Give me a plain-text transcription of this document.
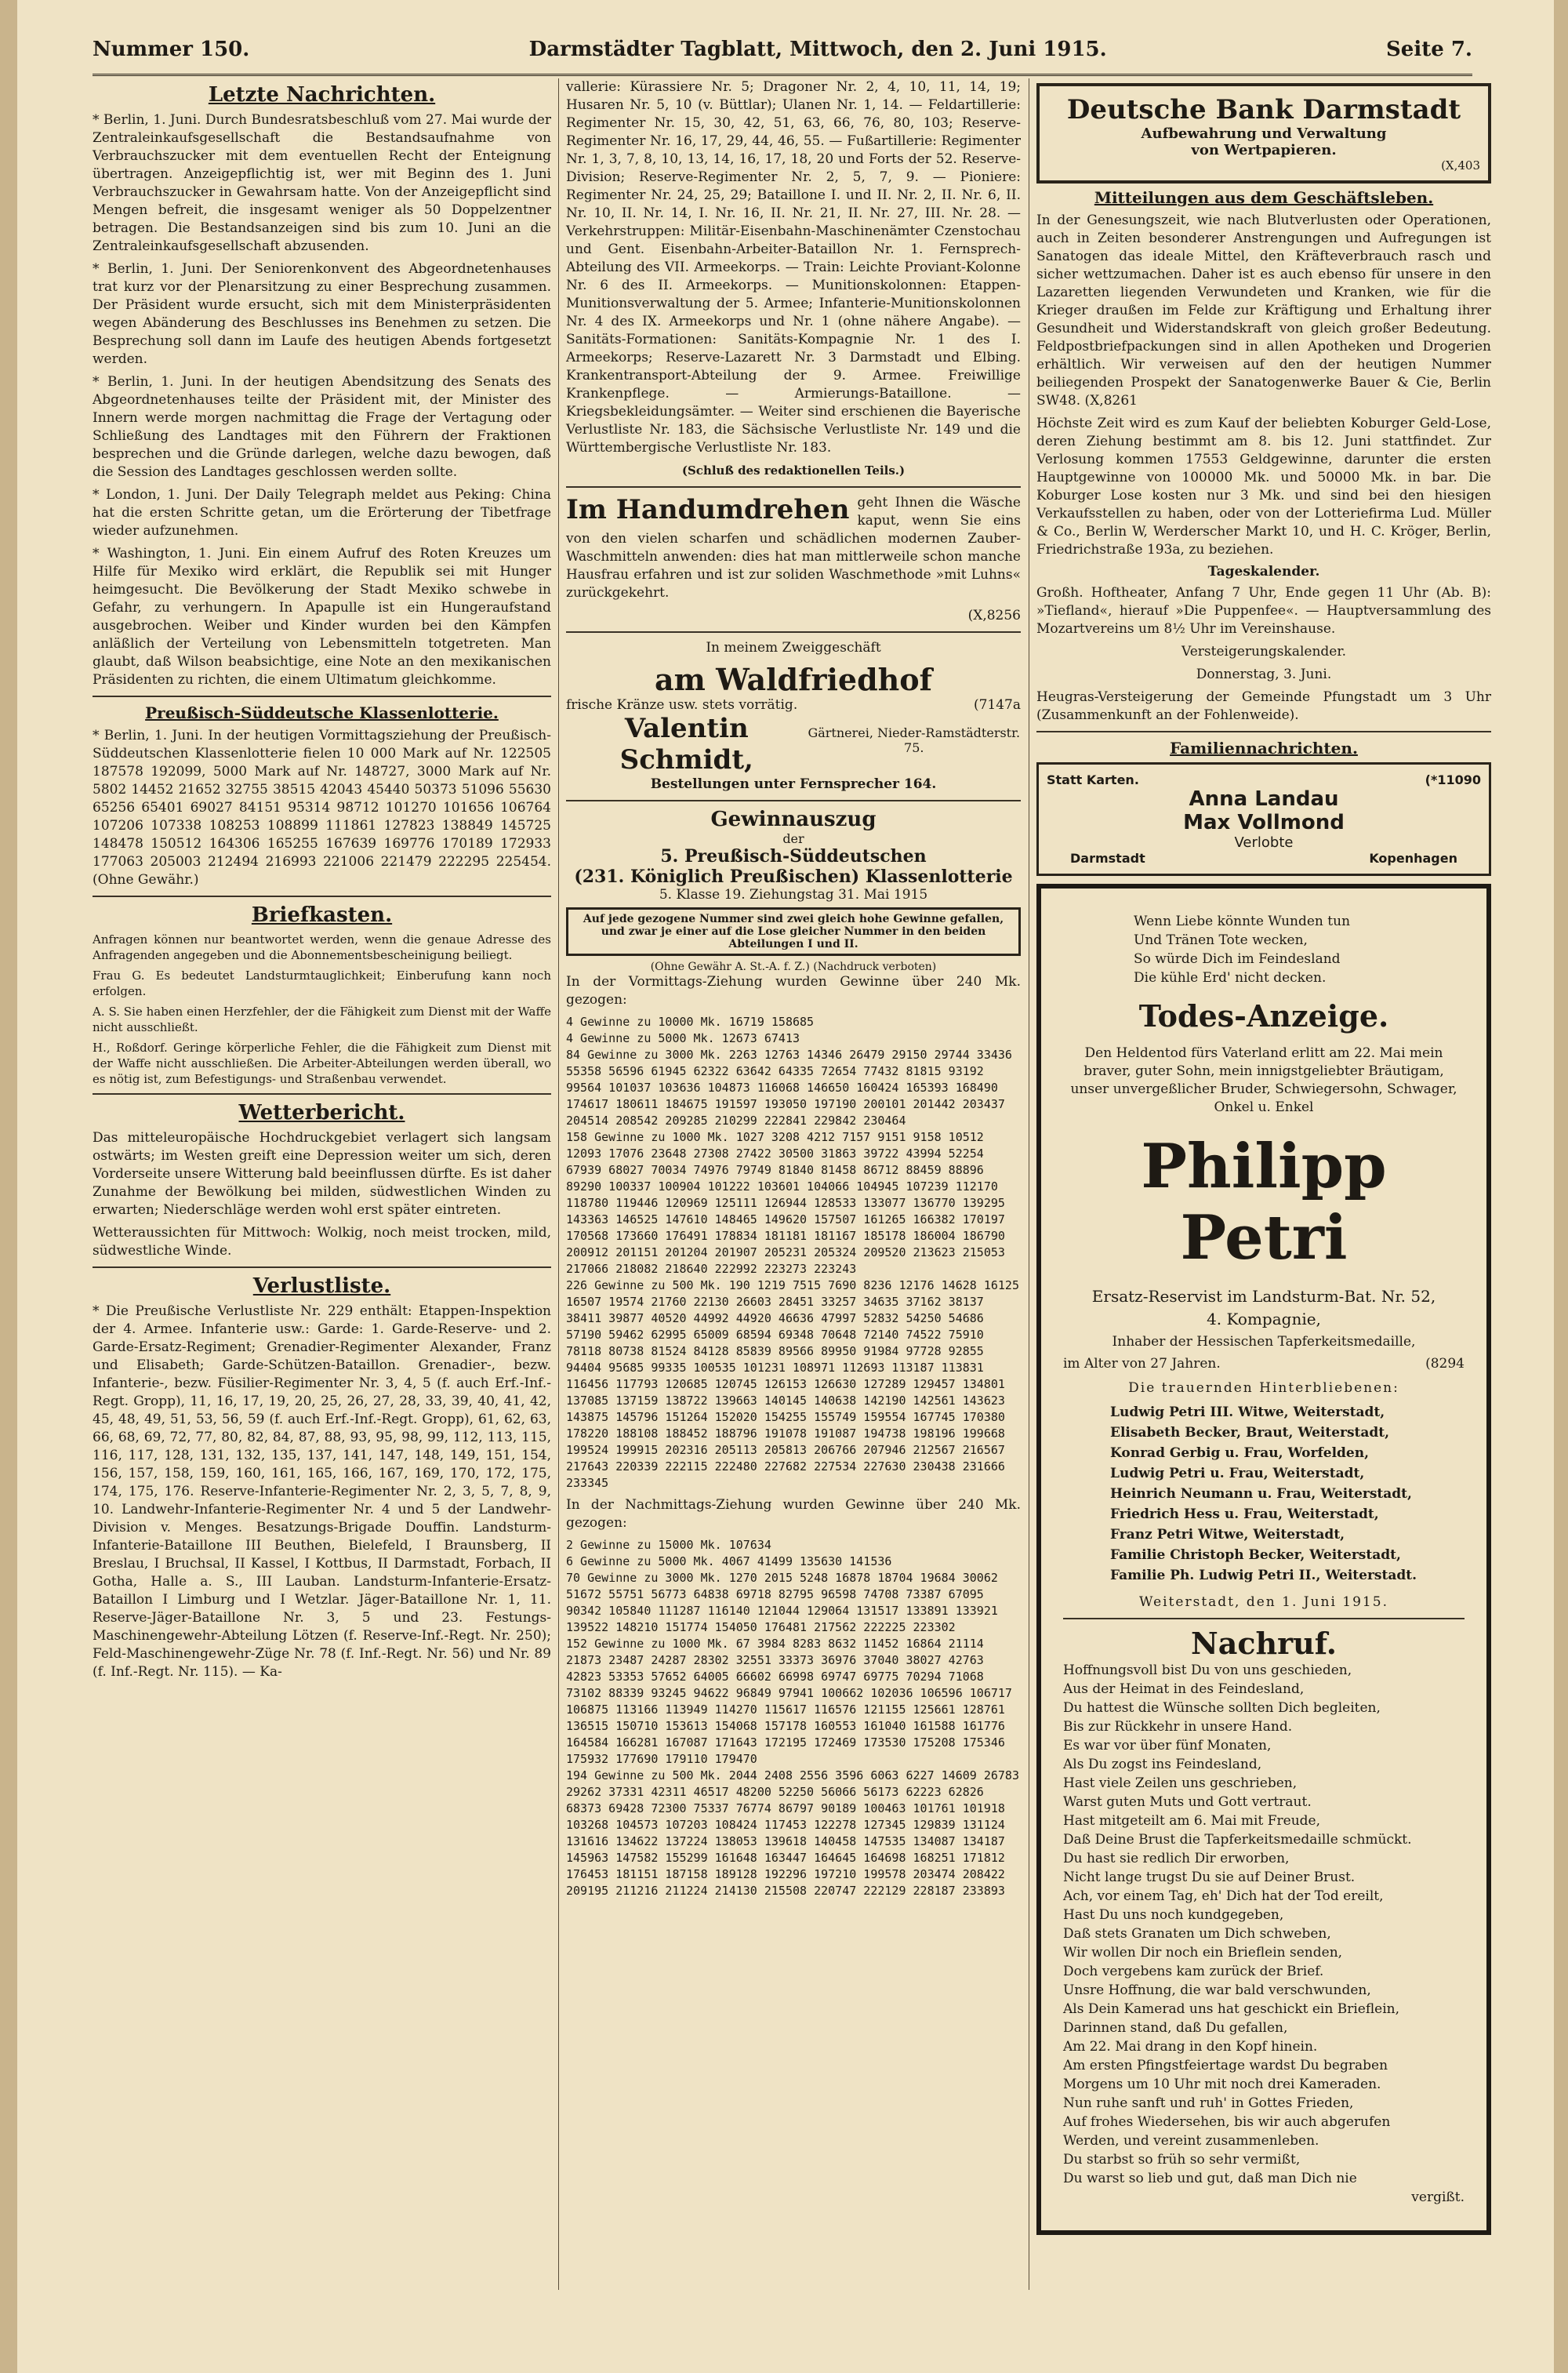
Nummer 150.	Darmstädter Tagblatt, Mittwoch, den 2. Juni 1915.	Seite 7.
Letzte Nachrichten.

* Berlin, 1. Juni. Durch Bundesratsbeschluß vom 27. Mai wurde der Zentraleinkaufsgesellschaft die Bestandsaufnahme von Verbrauchszucker mit dem eventuellen Recht der Enteignung übertragen. Anzeigepflichtig ist, wer mit Beginn des 1. Juni Verbrauchszucker in Gewahrsam hatte. Von der Anzeigepflicht sind Mengen befreit, die insgesamt weniger als 50 Doppelzentner betragen. Die Bestandsanzeigen sind bis zum 10. Juni an die Zentraleinkaufsgesellschaft abzusenden.

* Berlin, 1. Juni. Der Seniorenkonvent des Abgeordnetenhauses trat kurz vor der Plenarsitzung zu einer Besprechung zusammen. Der Präsident wurde ersucht, sich mit dem Ministerpräsidenten wegen Abänderung des Beschlusses ins Benehmen zu setzen. Die Besprechung soll dann im Laufe des heutigen Abends fortgesetzt werden.

* Berlin, 1. Juni. In der heutigen Abendsitzung des Senats des Abgeordnetenhauses teilte der Präsident mit, der Minister des Innern werde morgen nachmittag die Frage der Vertagung oder Schließung des Landtages mit den Führern der Fraktionen besprechen und die Gründe darlegen, welche dazu bewogen, daß die Session des Landtages geschlossen werden sollte.

* London, 1. Juni. Der Daily Telegraph meldet aus Peking: China hat die ersten Schritte getan, um die Erörterung der Tibetfrage wieder aufzunehmen.

* Washington, 1. Juni. Ein einem Aufruf des Roten Kreuzes um Hilfe für Mexiko wird erklärt, die Republik sei mit Hunger heimgesucht. Die Bevölkerung der Stadt Mexiko schwebe in Gefahr, zu verhungern. In Apapulle ist ein Hungeraufstand ausgebrochen. Weiber und Kinder wurden bei den Kämpfen anläßlich der Verteilung von Lebensmitteln totgetreten. Man glaubt, daß Wilson beabsichtige, eine Note an den mexikanischen Präsidenten zu richten, die einem Ultimatum gleichkomme.

Preußisch-Süddeutsche Klassenlotterie.

* Berlin, 1. Juni. In der heutigen Vormittagsziehung der Preußisch-Süddeutschen Klassenlotterie fielen 10 000 Mark auf Nr. 122505 187578 192099, 5000 Mark auf Nr. 148727, 3000 Mark auf Nr. 5802 14452 21652 32755 38515 42043 45440 50373 51096 55630 65256 65401 69027 84151 95314 98712 101270 101656 106764 107206 107338 108253 108899 111861 127823 138849 145725 148478 150512 164306 165255 167639 169776 170189 172933 177063 205003 212494 216993 221006 221479 222295 225454. (Ohne Gewähr.)

Briefkasten.

Anfragen können nur beantwortet werden, wenn die genaue Adresse des Anfragenden angegeben und die Abonnementsbescheinigung beiliegt.

Frau G. Es bedeutet Landsturmtauglichkeit; Einberufung kann noch erfolgen.

A. S. Sie haben einen Herzfehler, der die Fähigkeit zum Dienst mit der Waffe nicht ausschließt.

H., Roßdorf. Geringe körperliche Fehler, die die Fähigkeit zum Dienst mit der Waffe nicht ausschließen. Die Arbeiter-Abteilungen werden überall, wo es nötig ist, zum Befestigungs- und Straßenbau verwendet.

Wetterbericht.

Das mitteleuropäische Hochdruckgebiet verlagert sich langsam ostwärts; im Westen greift eine Depression weiter um sich, deren Vorderseite unsere Witterung bald beeinflussen dürfte. Es ist daher Zunahme der Bewölkung bei milden, südwestlichen Winden zu erwarten; Niederschläge werden wohl erst später eintreten.

Wetteraussichten für Mittwoch: Wolkig, noch meist trocken, mild, südwestliche Winde.

Verlustliste.

* Die Preußische Verlustliste Nr. 229 enthält: Etappen-Inspektion der 4. Armee. Infanterie usw.: Garde: 1. Garde-Reserve- und 2. Garde-Ersatz-Regiment; Grenadier-Regimenter Alexander, Franz und Elisabeth; Garde-Schützen-Bataillon. Grenadier-, bezw. Infanterie-, bezw. Füsilier-Regimenter Nr. 3, 4, 5 (f. auch Erf.-Inf.-Regt. Gropp), 11, 16, 17, 19, 20, 25, 26, 27, 28, 33, 39, 40, 41, 42, 45, 48, 49, 51, 53, 56, 59 (f. auch Erf.-Inf.-Regt. Gropp), 61, 62, 63, 66, 68, 69, 72, 77, 80, 82, 84, 87, 88, 93, 95, 98, 99, 112, 113, 115, 116, 117, 128, 131, 132, 135, 137, 141, 147, 148, 149, 151, 154, 156, 157, 158, 159, 160, 161, 165, 166, 167, 169, 170, 172, 175, 174, 175, 176. Reserve-Infanterie-Regimenter Nr. 2, 3, 5, 7, 8, 9, 10. Landwehr-Infanterie-Regimenter Nr. 4 und 5 der Landwehr-Division v. Menges. Besatzungs-Brigade Douffin. Landsturm-Infanterie-Bataillone III Beuthen, Bielefeld, I Braunsberg, II Breslau, I Bruchsal, II Kassel, I Kottbus, II Darmstadt, Forbach, II Gotha, Halle a. S., III Lauban. Landsturm-Infanterie-Ersatz-Bataillon I Limburg und I Wetzlar. Jäger-Bataillone Nr. 1, 11. Reserve-Jäger-Bataillone Nr. 3, 5 und 23. Festungs-Maschinengewehr-Abteilung Lötzen (f. Reserve-Inf.-Regt. Nr. 250); Feld-Maschinengewehr-Züge Nr. 78 (f. Inf.-Regt. Nr. 56) und Nr. 89 (f. Inf.-Regt. Nr. 115). — Ka-

vallerie: Kürassiere Nr. 5; Dragoner Nr. 2, 4, 10, 11, 14, 19; Husaren Nr. 5, 10 (v. Büttlar); Ulanen Nr. 1, 14. — Feldartillerie: Regimenter Nr. 15, 30, 42, 51, 63, 66, 76, 80, 103; Reserve-Regimenter Nr. 16, 17, 29, 44, 46, 55. — Fußartillerie: Regimenter Nr. 1, 3, 7, 8, 10, 13, 14, 16, 17, 18, 20 und Forts der 52. Reserve-Division; Reserve-Regimenter Nr. 2, 5, 7, 9. — Pioniere: Regimenter Nr. 24, 25, 29; Bataillone I. und II. Nr. 2, II. Nr. 6, II. Nr. 10, II. Nr. 14, I. Nr. 16, II. Nr. 21, II. Nr. 27, III. Nr. 28. — Verkehrstruppen: Militär-Eisenbahn-Maschinenämter Czenstochau und Gent. Eisenbahn-Arbeiter-Bataillon Nr. 1. Fernsprech-Abteilung des VII. Armeekorps. — Train: Leichte Proviant-Kolonne Nr. 6 des II. Armeekorps. — Munitionskolonnen: Etappen-Munitionsverwaltung der 5. Armee; Infanterie-Munitionskolonnen Nr. 4 des IX. Armeekorps und Nr. 1 (ohne nähere Angabe). — Sanitäts-Formationen: Sanitäts-Kompagnie Nr. 1 des I. Armeekorps; Reserve-Lazarett Nr. 3 Darmstadt und Elbing. Krankentransport-Abteilung der 9. Armee. Freiwillige Krankenpflege. — Armierungs-Bataillone. — Kriegsbekleidungsämter. — Weiter sind erschienen die Bayerische Verlustliste Nr. 183, die Sächsische Verlustliste Nr. 149 und die Württembergische Verlustliste Nr. 183.

(Schluß des redaktionellen Teils.)

Im Handumdrehen geht Ihnen die Wäsche kaput, wenn Sie eins von den vielen scharfen und schädlichen modernen Zauber-Waschmitteln anwenden: dies hat man mittlerweile schon manche Hausfrau erfahren und ist zur soliden Waschmethode »mit Luhns« zurückgekehrt.

(X,8256

In meinem Zweiggeschäft

am Waldfriedhof
frische Kränze usw. stets vorrätig.	(7147a
Valentin Schmidt,
Gärtnerei, Nieder-Ramstädterstr. 75.

Bestellungen unter Fernsprecher 164.

Gewinnauszug
der
5. Preußisch-Süddeutschen
(231. Königlich Preußischen) Klassenlotterie
5. Klasse 19. Ziehungstag 31. Mai 1915
Auf jede gezogene Nummer sind zwei gleich hohe Gewinne gefallen, und zwar je einer auf die Lose gleicher Nummer in den beiden Abteilungen I und II.
(Ohne Gewähr A. St.-A. f. Z.) (Nachdruck verboten)

In der Vormittags-Ziehung wurden Gewinne über 240 Mk. gezogen:

4 Gewinne zu 10000 Mk. 16719 158685
4 Gewinne zu 5000 Mk. 12673 67413
84 Gewinne zu 3000 Mk. 2263 12763 14346 26479 29150 29744 33436 55358 56596 61945 62322 63642 64335 72654 77432 81815 93192 99564 101037 103636 104873 116068 146650 160424 165393 168490 174617 180611 184675 191597 193050 197190 200101 201442 203437 204514 208542 209285 210299 222841 229842 230464
158 Gewinne zu 1000 Mk. 1027 3208 4212 7157 9151 9158 10512 12093 17076 23648 27308 27422 30500 31863 39722 43994 52254 67939 68027 70034 74976 79749 81840 81458 86712 88459 88896 89290 100337 100904 101222 103601 104066 104945 107239 112170 118780 119446 120969 125111 126944 128533 133077 136770 139295 143363 146525 147610 148465 149620 157507 161265 166382 170197 170568 173660 176491 178834 181181 181167 185178 186004 186790 200912 201151 201204 201907 205231 205324 209520 213623 215053 217066 218082 218640 222992 223273 223243
226 Gewinne zu 500 Mk. 190 1219 7515 7690 8236 12176 14628 16125 16507 19574 21760 22130 26603 28451 33257 34635 37162 38137 38411 39877 40520 44992 44920 46636 47997 52832 54250 54686 57190 59462 62995 65009 68594 69348 70648 72140 74522 75910 78118 80738 81524 84128 85839 89566 89950 91984 97728 92855 94404 95685 99335 100535 101231 108971 112693 113187 113831 116456 117793 120685 120745 126153 126630 127289 129457 134801 137085 137159 138722 139663 140145 140638 142190 142561 143623 143875 145796 151264 152020 154255 155749 159554 167745 170380 178220 188108 188452 188796 191078 191087 194738 198196 199668 199524 199915 202316 205113 205813 206766 207946 212567 216567 217643 220339 222115 222480 227682 227534 227630 230438 231666 233345

In der Nachmittags-Ziehung wurden Gewinne über 240 Mk. gezogen:

2 Gewinne zu 15000 Mk. 107634
6 Gewinne zu 5000 Mk. 4067 41499 135630 141536
70 Gewinne zu 3000 Mk. 1270 2015 5248 16878 18704 19684 30062 51672 55751 56773 64838 69718 82795 96598 74708 73387 67095 90342 105840 111287 116140 121044 129064 131517 133891 133921 139522 148210 151774 154050 176481 217562 222225 223302
152 Gewinne zu 1000 Mk. 67 3984 8283 8632 11452 16864 21114 21873 23487 24287 28302 32551 33373 36976 37040 38027 42763 42823 53353 57652 64005 66602 66998 69747 69775 70294 71068 73102 88339 93245 94622 96849 97941 100662 102036 106596 106717 106875 113166 113949 114270 115617 116576 121155 125661 128761 136515 150710 153613 154068 157178 160553 161040 161588 161776 164584 166281 167087 171643 172195 172469 173530 175208 175346 175932 177690 179110 179470
194 Gewinne zu 500 Mk. 2044 2408 2556 3596 6063 6227 14609 26783 29262 37331 42311 46517 48200 52250 56066 56173 62223 62826 68373 69428 72300 75337 76774 86797 90189 100463 101761 101918 103268 104573 107203 108424 117453 122278 127345 129839 131124 131616 134622 137224 138053 139618 140458 147535 134087 134187 145963 147582 155299 161648 163447 164645 164698 168251 171812 176453 181151 187158 189128 192296 197210 199578 203474 208422 209195 211216 211224 214130 215508 220747 222129 228187 233893
Deutsche Bank Darmstadt
Aufbewahrung und Verwaltung
von Wertpapieren.
(X,403
Mitteilungen aus dem Geschäftsleben.

In der Genesungszeit, wie nach Blutverlusten oder Operationen, auch in Zeiten besonderer Anstrengungen und Aufregungen ist Sanatogen das ideale Mittel, den Kräfteverbrauch rasch und sicher wettzumachen. Daher ist es auch ebenso für unsere in den Lazaretten liegenden Verwundeten und Kranken, wie für die Krieger draußen im Felde zur Kräftigung und Erhaltung ihrer Gesundheit und Widerstandskraft von gleich großer Bedeutung. Feldpostbriefpackungen sind in allen Apotheken und Drogerien erhältlich. Wir verweisen auf den der heutigen Nummer beiliegenden Prospekt der Sanatogenwerke Bauer & Cie, Berlin SW48. (X,8261

Höchste Zeit wird es zum Kauf der beliebten Koburger Geld-Lose, deren Ziehung bestimmt am 8. bis 12. Juni stattfindet. Zur Verlosung kommen 17553 Geldgewinne, darunter die ersten Hauptgewinne von 100000 Mk. und 50000 Mk. in bar. Die Koburger Lose kosten nur 3 Mk. und sind bei den hiesigen Verkaufsstellen zu haben, oder von der Lotteriefirma Lud. Müller & Co., Berlin W, Werderscher Markt 10, und H. C. Kröger, Berlin, Friedrichstraße 193a, zu beziehen.

Tageskalender.

Großh. Hoftheater, Anfang 7 Uhr, Ende gegen 11 Uhr (Ab. B): »Tiefland«, hierauf »Die Puppenfee«. — Hauptversammlung des Mozartvereins um 8½ Uhr im Vereinshause.

Versteigerungskalender.

Donnerstag, 3. Juni.

Heugras-Versteigerung der Gemeinde Pfungstadt um 3 Uhr (Zusammenkunft an der Fohlenweide).

Familiennachrichten.
Statt Karten.	(*11090
Anna Landau
Max Vollmond
Verlobte
Darmstadt	Kopenhagen

Wenn Liebe könnte Wunden tun

Und Tränen Tote wecken,

So würde Dich im Feindesland

Die kühle Erd' nicht decken.

Todes-Anzeige.

Den Heldentod fürs Vaterland erlitt am 22. Mai mein braver, guter Sohn, mein innigstgeliebter Bräutigam, unser unvergeßlicher Bruder, Schwiegersohn, Schwager, Onkel u. Enkel

Philipp Petri

Ersatz-Reservist im Landsturm-Bat. Nr. 52,

4. Kompagnie,

Inhaber der Hessischen Tapferkeitsmedaille,

im Alter von 27 Jahren.	(8294

Die trauernden Hinterbliebenen:

Ludwig Petri III. Witwe, Weiterstadt,
Elisabeth Becker, Braut, Weiterstadt,
Konrad Gerbig u. Frau, Worfelden,
Ludwig Petri u. Frau, Weiterstadt,
Heinrich Neumann u. Frau, Weiterstadt,
Friedrich Hess u. Frau, Weiterstadt,
Franz Petri Witwe, Weiterstadt,
Familie Christoph Becker, Weiterstadt,
Familie Ph. Ludwig Petri II., Weiterstadt.

Weiterstadt, den 1. Juni 1915.

Nachruf.

Hoffnungsvoll bist Du von uns geschieden,

Aus der Heimat in des Feindesland,

Du hattest die Wünsche sollten Dich begleiten,

Bis zur Rückkehr in unsere Hand.

Es war vor über fünf Monaten,

Als Du zogst ins Feindesland,

Hast viele Zeilen uns geschrieben,

Warst guten Muts und Gott vertraut.

Hast mitgeteilt am 6. Mai mit Freude,

Daß Deine Brust die Tapferkeitsmedaille schmückt.

Du hast sie redlich Dir erworben,

Nicht lange trugst Du sie auf Deiner Brust.

Ach, vor einem Tag, eh' Dich hat der Tod ereilt,

Hast Du uns noch kundgegeben,

Daß stets Granaten um Dich schweben,

Wir wollen Dir noch ein Brieflein senden,

Doch vergebens kam zurück der Brief.

Unsre Hoffnung, die war bald verschwunden,

Als Dein Kamerad uns hat geschickt ein Brieflein,

Darinnen stand, daß Du gefallen,

Am 22. Mai drang in den Kopf hinein.

Am ersten Pfingstfeiertage wardst Du begraben

Morgens um 10 Uhr mit noch drei Kameraden.

Nun ruhe sanft und ruh' in Gottes Frieden,

Auf frohes Wiedersehen, bis wir auch abgerufen

Werden, und vereint zusammenleben.

Du starbst so früh so sehr vermißt,

Du warst so lieb und gut, daß man Dich nie

vergißt.
